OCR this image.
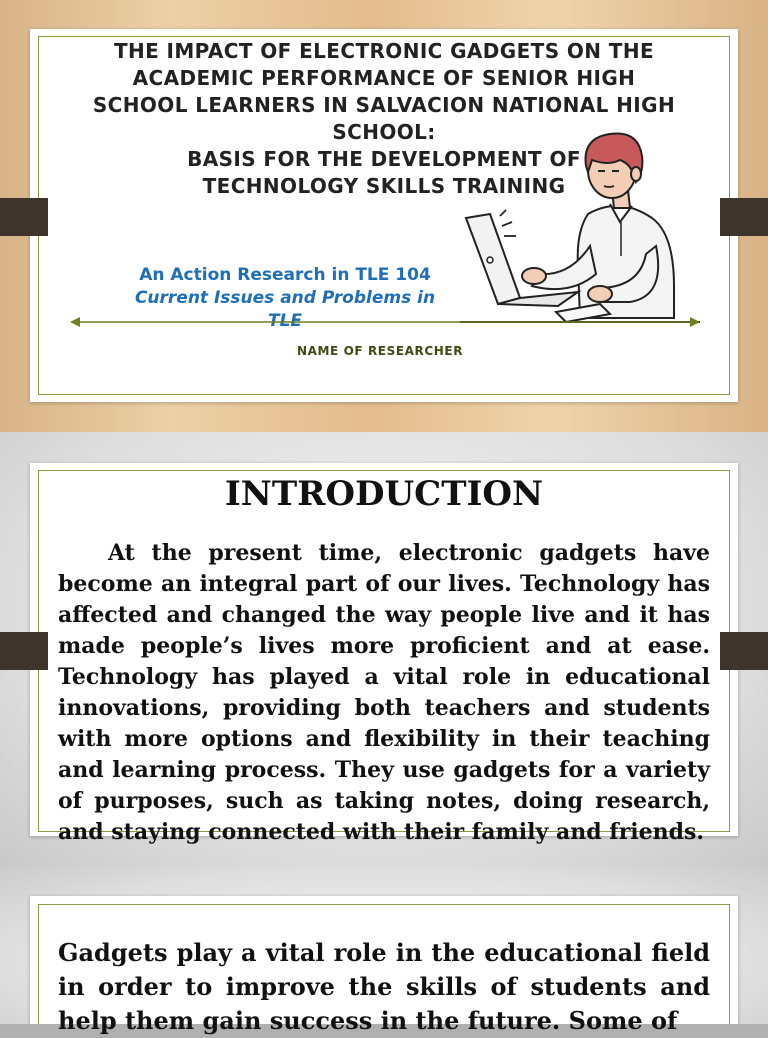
THE IMPACT OF ELECTRONIC GADGETS ON THE
ACADEMIC PERFORMANCE OF SENIOR HIGH
SCHOOL LEARNERS IN SALVACION NATIONAL HIGH
SCHOOL:
BASIS FOR THE DEVELOPMENT OF
TECHNOLOGY SKILLS TRAINING
An Action Research in TLE 104
Current Issues and Problems in
TLE
NAME OF RESEARCHER
INTRODUCTION
At the present time, electronic gadgets have become an integral part of our lives. Technology has affected and changed the way people live and it has made people’s lives more proficient and at ease. Technology has played a vital role in educational innovations, providing both teachers and students with more options and flexibility in their teaching and learning process. They use gadgets for a variety of purposes, such as taking notes, doing research, and staying connected with their family and friends.
Gadgets play a vital role in the educational field in order to improve the skills of students and help them gain success in the future. Some of
